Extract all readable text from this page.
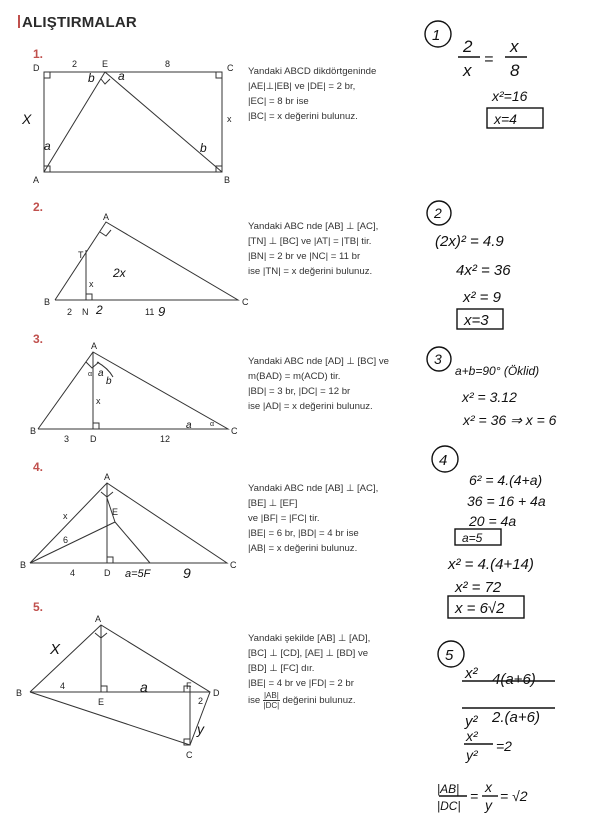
ALIŞTIRMALAR
1.
2.
3.
4.
5.
D	E	C
A	B
2	8
x
A
B	C
T
N
2	11
x
A
B	C
D
3	12
x
α
α
A
B	C
D
E
x
6
4
A
B	D
C
E
F
4
2
X
a
b a
b
2x
2	9
a
b
a
a=5F 9
X
a
y
Yandaki ABCD dikdörtgeninde
|AE|⊥|EB| ve |DE| = 2 br,
|EC| = 8 br ise
|BC| = x değerini bulunuz.
Yandaki ABC nde [AB] ⊥ [AC],
[TN] ⊥ [BC] ve |AT| = |TB| tir.
|BN| = 2 br ve |NC| = 11 br
ise |TN| = x değerini bulunuz.
Yandaki ABC nde [AD] ⊥ [BC] ve
m(BAD) = m(ACD) tir.
|BD| = 3 br, |DC| = 12 br
ise |AD| = x değerini bulunuz.
Yandaki ABC nde [AB] ⊥ [AC],
[BE] ⊥ [EF]
ve |BF| = |FC| tir.
|BE| = 6 br, |BD| = 4 br ise
|AB| = x değerini bulunuz.
Yandaki şekilde [AB] ⊥ [AD],
[BC] ⊥ [CD], [AE] ⊥ [BD] ve
[BD] ⊥ [FC] dır.
|BE| = 4 br ve |FD| = 2 br
ise $\frac{|AB|}{|DC|}$ değerini bulunuz.
1
2
x
=
x
8
x²=16
x=4
2
(2x)² = 4.9
4x² = 36
x² = 9
x=3
3
a+b=90° (Öklid)
x² = 3.12
x² = 36 ⇒ x = 6
4
6² = 4.(4+a)
36 = 16 + 4a
20 = 4a
a=5
x² = 4.(4+14)
x² = 72
x = 6√2
5
x² 4(a+6)
y² 2.(a+6)
x²
y²
=2
|AB|
|DC|
=
x
y
= √2
